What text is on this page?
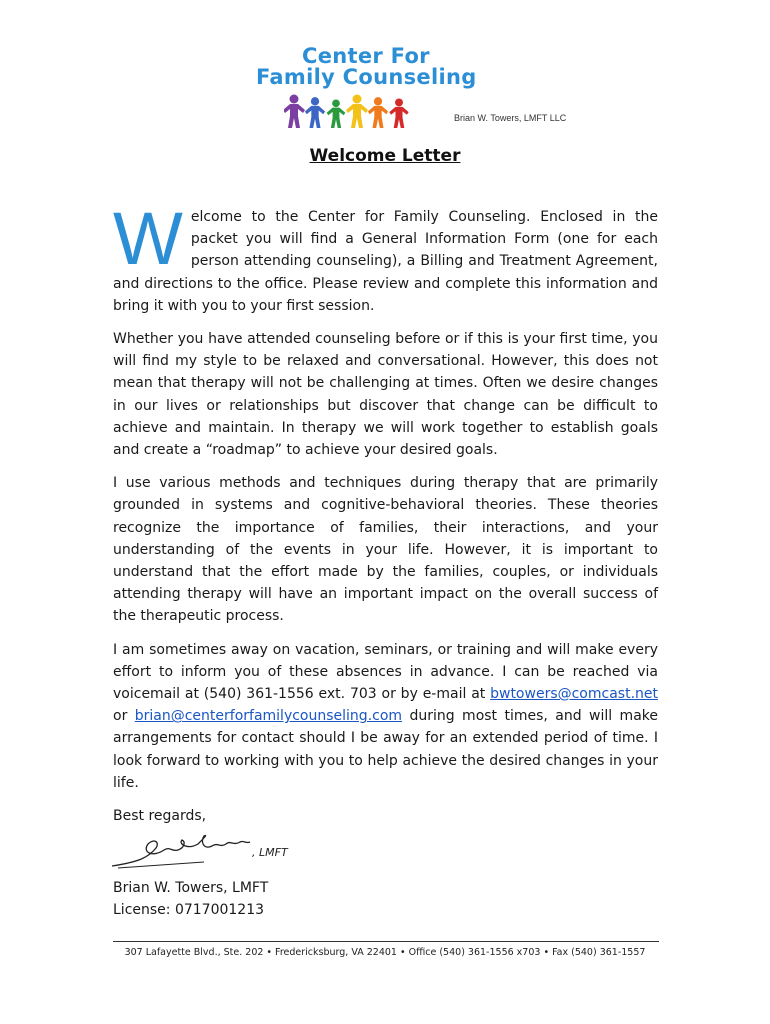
Center For
Family Counseling
Brian W. Towers, LMFT LLC
Welcome Letter

Welcome to the Center for Family Counseling. Enclosed in the packet you will find a General Information Form (one for each person attending counseling), a Billing and Treatment Agreement, and directions to the office. Please review and complete this information and bring it with you to your first session.

Whether you have attended counseling before or if this is your first time, you will find my style to be relaxed and conversational. However, this does not mean that therapy will not be challenging at times. Often we desire changes in our lives or relationships but discover that change can be difficult to achieve and maintain. In therapy we will work together to establish goals and create a “roadmap” to achieve your desired goals.

I use various methods and techniques during therapy that are primarily grounded in systems and cognitive-behavioral theories. These theories recognize the importance of families, their interactions, and your understanding of the events in your life. However, it is important to understand that the effort made by the families, couples, or individuals attending therapy will have an important impact on the overall success of the therapeutic process.

I am sometimes away on vacation, seminars, or training and will make every effort to inform you of these absences in advance. I can be reached via voicemail at (540) 361-1556 ext. 703 or by e-mail at bwtowers@comcast.net or brian@centerforfamilycounseling.com during most times, and will make arrangements for contact should I be away for an extended period of time. I look forward to working with you to help achieve the desired changes in your life.

Best regards,

, LMFT
Brian W. Towers, LMFT
License: 0717001213
307 Lafayette Blvd., Ste. 202 • Fredericksburg, VA 22401 • Office (540) 361-1556 x703 • Fax (540) 361-1557
